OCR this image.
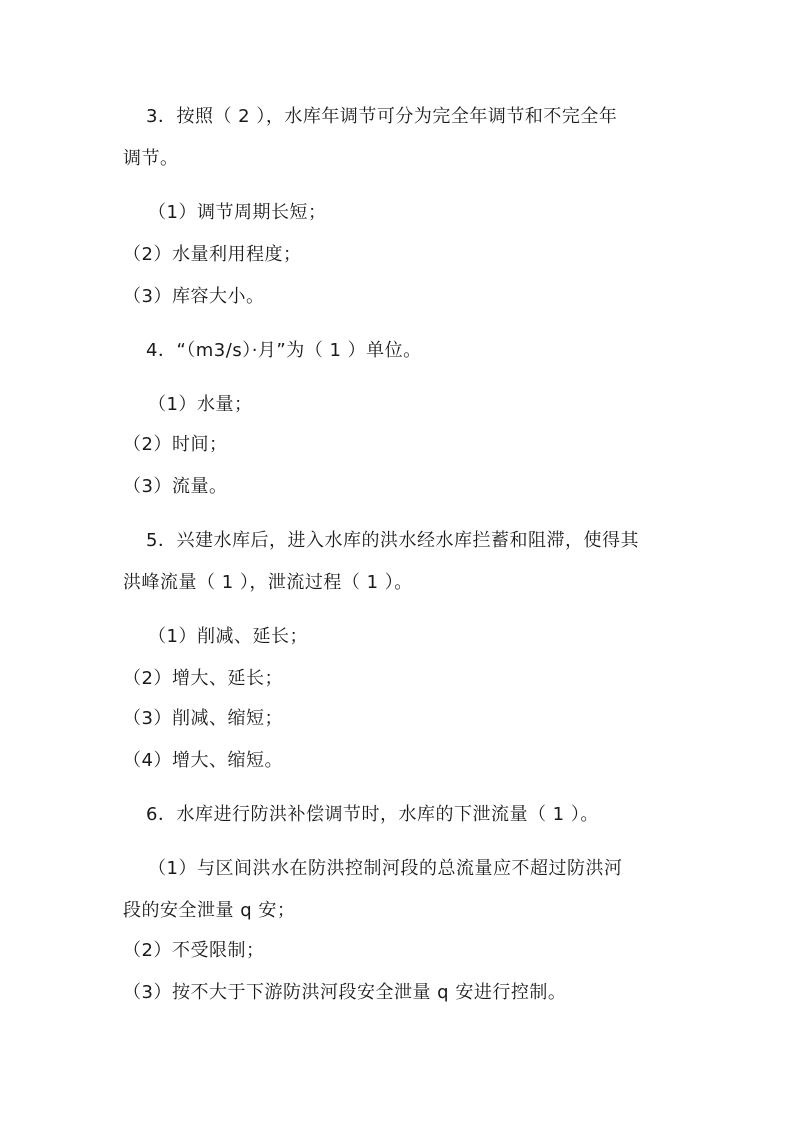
3．按照（ 2 ），水库年调节可分为完全年调节和不完全年
调节。
（1）调节周期长短；
（2）水量利用程度；
（3）库容大小。
4．“（m3/s）·月”为（ 1 ）单位。
（1）水量；
（2）时间；
（3）流量。
5．兴建水库后，进入水库的洪水经水库拦蓄和阻滞，使得其
洪峰流量（ 1 ），泄流过程（ 1 ）。
（1）削减、延长；
（2）增大、延长；
（3）削减、缩短；
（4）增大、缩短。
6．水库进行防洪补偿调节时，水库的下泄流量（ 1 ）。
（1）与区间洪水在防洪控制河段的总流量应不超过防洪河
段的安全泄量 q 安；
（2）不受限制；
（3）按不大于下游防洪河段安全泄量 q 安进行控制。
